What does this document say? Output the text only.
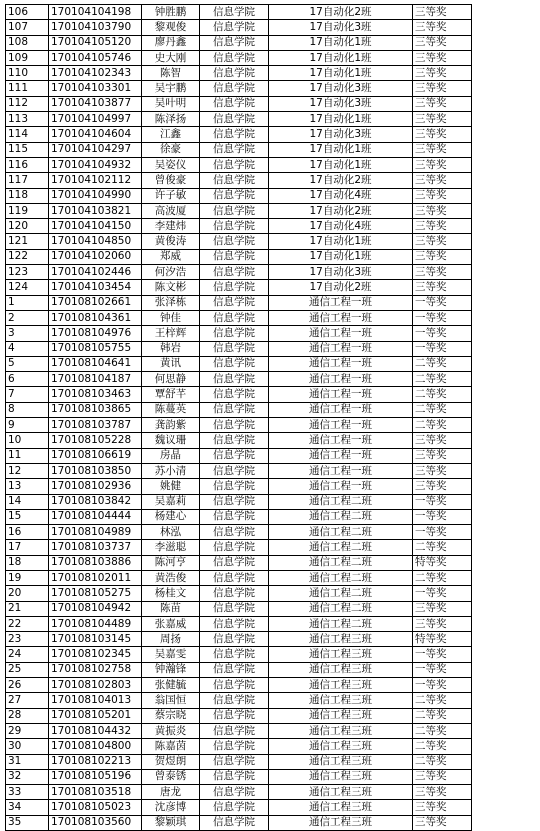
106	170104104198	钟胜鹏	信息学院	17自动化2班	三等奖
107	170104103790	黎观俊	信息学院	17自动化3班	三等奖
108	170104105120	廖丹鑫	信息学院	17自动化1班	三等奖
109	170104105746	史大刚	信息学院	17自动化1班	三等奖
110	170104102343	陈智	信息学院	17自动化1班	三等奖
111	170104103301	吴宇鹏	信息学院	17自动化3班	三等奖
112	170104103877	吴叶明	信息学院	17自动化3班	三等奖
113	170104104997	陈泽扬	信息学院	17自动化1班	三等奖
114	170104104604	江鑫	信息学院	17自动化3班	三等奖
115	170104104297	徐豪	信息学院	17自动化1班	三等奖
116	170104104932	吴姿仪	信息学院	17自动化1班	三等奖
117	170104102112	曾俊豪	信息学院	17自动化2班	三等奖
118	170104104990	许子敏	信息学院	17自动化4班	三等奖
119	170104103821	高波厦	信息学院	17自动化2班	三等奖
120	170104104150	李建炜	信息学院	17自动化4班	三等奖
121	170104104850	黄俊涛	信息学院	17自动化1班	三等奖
122	170104102060	郑威	信息学院	17自动化1班	三等奖
123	170104102446	何汐浩	信息学院	17自动化3班	三等奖
124	170104103454	陈文彬	信息学院	17自动化2班	三等奖
1	170108102661	张泽栋	信息学院	通信工程一班	一等奖
2	170108104361	钟佳	信息学院	通信工程一班	一等奖
3	170108104976	王梓辉	信息学院	通信工程一班	一等奖
4	170108105755	韩岩	信息学院	通信工程一班	一等奖
5	170108104641	黄讯	信息学院	通信工程一班	二等奖
6	170108104187	何思静	信息学院	通信工程一班	二等奖
7	170108103463	覃舒芊	信息学院	通信工程一班	二等奖
8	170108103865	陈蔓英	信息学院	通信工程一班	二等奖
9	170108103787	龚韵紫	信息学院	通信工程一班	二等奖
10	170108105228	魏议珊	信息学院	通信工程一班	三等奖
11	170108106619	房晶	信息学院	通信工程一班	三等奖
12	170108103850	苏小清	信息学院	通信工程一班	三等奖
13	170108102936	姚健	信息学院	通信工程一班	三等奖
14	170108103842	吴嘉莉	信息学院	通信工程二班	一等奖
15	170108104444	杨建心	信息学院	通信工程二班	一等奖
16	170108104989	林泓	信息学院	通信工程二班	一等奖
17	170108103737	李滋聪	信息学院	通信工程二班	二等奖
18	170108103886	陈河亨	信息学院	通信工程二班	特等奖
19	170108102011	黄浩俊	信息学院	通信工程二班	二等奖
20	170108105275	杨桂文	信息学院	通信工程二班	一等奖
21	170108104942	陈苗	信息学院	通信工程二班	三等奖
22	170108104489	张嘉威	信息学院	通信工程二班	三等奖
23	170108103145	周扬	信息学院	通信工程三班	特等奖
24	170108102345	吴嘉雯	信息学院	通信工程三班	一等奖
25	170108102758	钟瀚锋	信息学院	通信工程三班	一等奖
26	170108102803	张健毓	信息学院	通信工程三班	一等奖
27	170108104013	翁国恒	信息学院	通信工程三班	二等奖
28	170108105201	蔡宗晓	信息学院	通信工程三班	二等奖
29	170108104432	黄振炎	信息学院	通信工程三班	二等奖
30	170108104800	陈嘉茵	信息学院	通信工程三班	二等奖
31	170108102213	贺煜朗	信息学院	通信工程三班	二等奖
32	170108105196	曾泰锈	信息学院	通信工程三班	三等奖
33	170108103518	唐龙	信息学院	通信工程三班	三等奖
34	170108105023	沈彦博	信息学院	通信工程三班	三等奖
35	170108103560	黎颖琪	信息学院	通信工程三班	三等奖
